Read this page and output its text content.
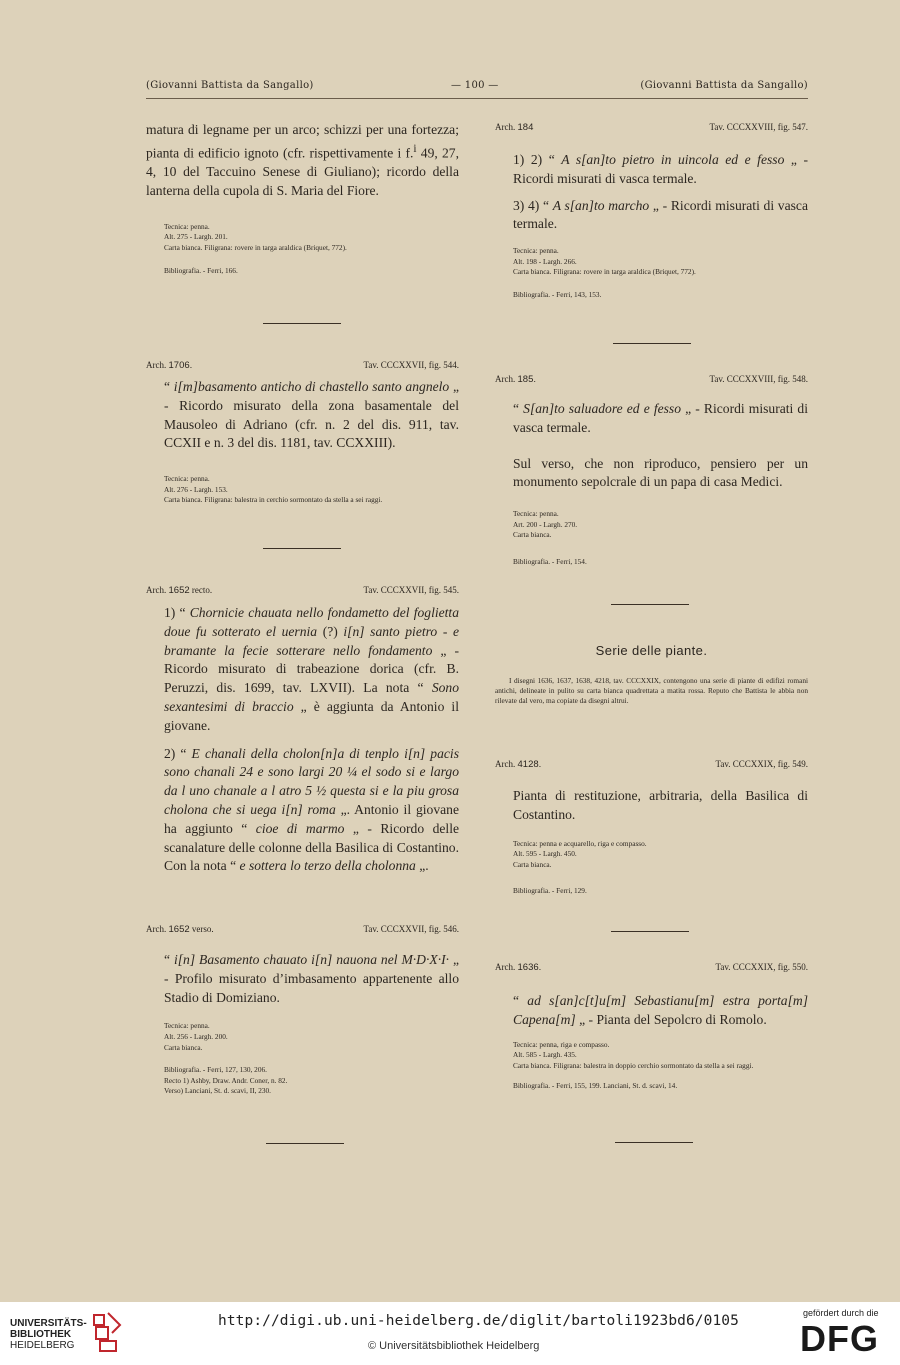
(Giovanni Battista da Sangallo)	— 100 —	(Giovanni Battista da Sangallo)

matura di legname per un arco; schizzi per una fortezza; pianta di edificio ignoto (cfr. rispettivamente i f.$^i$ 49, 27, 4, 10 del Taccuino Senese di Giuliano); ricordo della lanterna della cupola di S. Maria del Fiore.

Tecnica: penna.

Alt. 275 - Largh. 201.

Carta bianca. Filigrana: rovere in targa araldica (Briquet, 772).

Bibliografia. - Ferri, 166.
Arch. 1706.	Tav. CCCXXVII, fig. 544.

“ i[m]basamento anticho di chastello santo angnelo „ - Ricordo misurato della zona basamentale del Mausoleo di Adriano (cfr. n. 2 del dis. 911, tav. CCXII e n. 3 del dis. 1181, tav. CCXXIII).

Tecnica: penna.

Alt. 276 - Largh. 153.

Carta bianca. Filigrana: balestra in cerchio sormontato da stella a sei raggi.

Arch. 1652 recto.	Tav. CCCXXVII, fig. 545.

1) “ Chornicie chauata nello fondametto del foglietta doue fu sotterato el uernia (?) i[n] santo pietro - e bramante la fecie sotterare nello fondamento „ - Ricordo misurato di trabeazione dorica (cfr. B. Peruzzi, dis. 1699, tav. LXVII). La nota “ Sono sexantesimi di braccio „ è aggiunta da Antonio il giovane.

2) “ E chanali della cholon[n]a di tenplo i[n] pacis sono chanali 24 e sono largi 20 ¼ el sodo si e largo da l uno chanale a l atro 5 ½ questa si e la piu grosa cholona che si uega i[n] roma „. Antonio il giovane ha aggiunto “ cioe di marmo „ - Ricordo delle scanalature delle colonne della Basilica di Costantino. Con la nota “ e sottera lo terzo della cholonna „.

Arch. 1652 verso.	Tav. CCCXXVII, fig. 546.

“ i[n] Basamento chauato i[n] nauona nel M·D·X·I· „ - Profilo misurato d’imbasamento appartenente allo Stadio di Domiziano.

Tecnica: penna.

Alt. 256 - Largh. 200.

Carta bianca.

Bibliografia. - Ferri, 127, 130, 206.

Recto 1) Ashby, Draw. Andr. Coner, n. 82.

Verso) Lanciani, St. d. scavi, II, 230.

Arch. 184	Tav. CCCXXVIII, fig. 547.

1) 2) “ A s[an]to pietro in uincola ed e fesso „ - Ricordi misurati di vasca termale.

3) 4) “ A s[an]to marcho „ - Ricordi misurati di vasca termale.

Tecnica: penna.

Alt. 198 - Largh. 266.

Carta bianca. Filigrana: rovere in targa araldica (Briquet, 772).

Bibliografia. - Ferri, 143, 153.
Arch. 185.	Tav. CCCXXVIII, fig. 548.

“ S[an]to saluadore ed e fesso „ - Ricordi misurati di vasca termale.

Sul verso, che non riproduco, pensiero per un monumento sepolcrale di un papa di casa Medici.

Tecnica: penna.

Art. 200 - Largh. 270.

Carta bianca.

Bibliografia. - Ferri, 154.
Serie delle piante.
I disegni 1636, 1637, 1638, 4218, tav. CCCXXIX, contengono una serie di piante di edifizi romani antichi, delineate in pulito su carta bianca quadrettata a matita rossa. Reputo che Battista le abbia non rilevate dal vero, ma copiate da disegni altrui.
Arch. 4128.	Tav. CCCXXIX, fig. 549.

Pianta di restituzione, arbitraria, della Basilica di Costantino.

Tecnica: penna e acquarello, riga e compasso.

Alt. 595 - Largh. 450.

Carta bianca.

Bibliografia. - Ferri, 129.
Arch. 1636.	Tav. CCCXXIX, fig. 550.

“ ad s[an]c[t]u[m] Sebastianu[m] estra porta[m] Capena[m] „ - Pianta del Sepolcro di Romolo.

Tecnica: penna, riga e compasso.

Alt. 585 - Largh. 435.

Carta bianca. Filigrana: balestra in doppio cerchio sormontato da stella a sei raggi.

Bibliografia. - Ferri, 155, 199. Lanciani, St. d. scavi, 14.
UNIVERSITÄTS-
BIBLIOTHEK
HEIDELBERG
http://digi.ub.uni-heidelberg.de/diglit/bartoli1923bd6/0105
© Universitätsbibliothek Heidelberg
gefördert durch die
DFG
